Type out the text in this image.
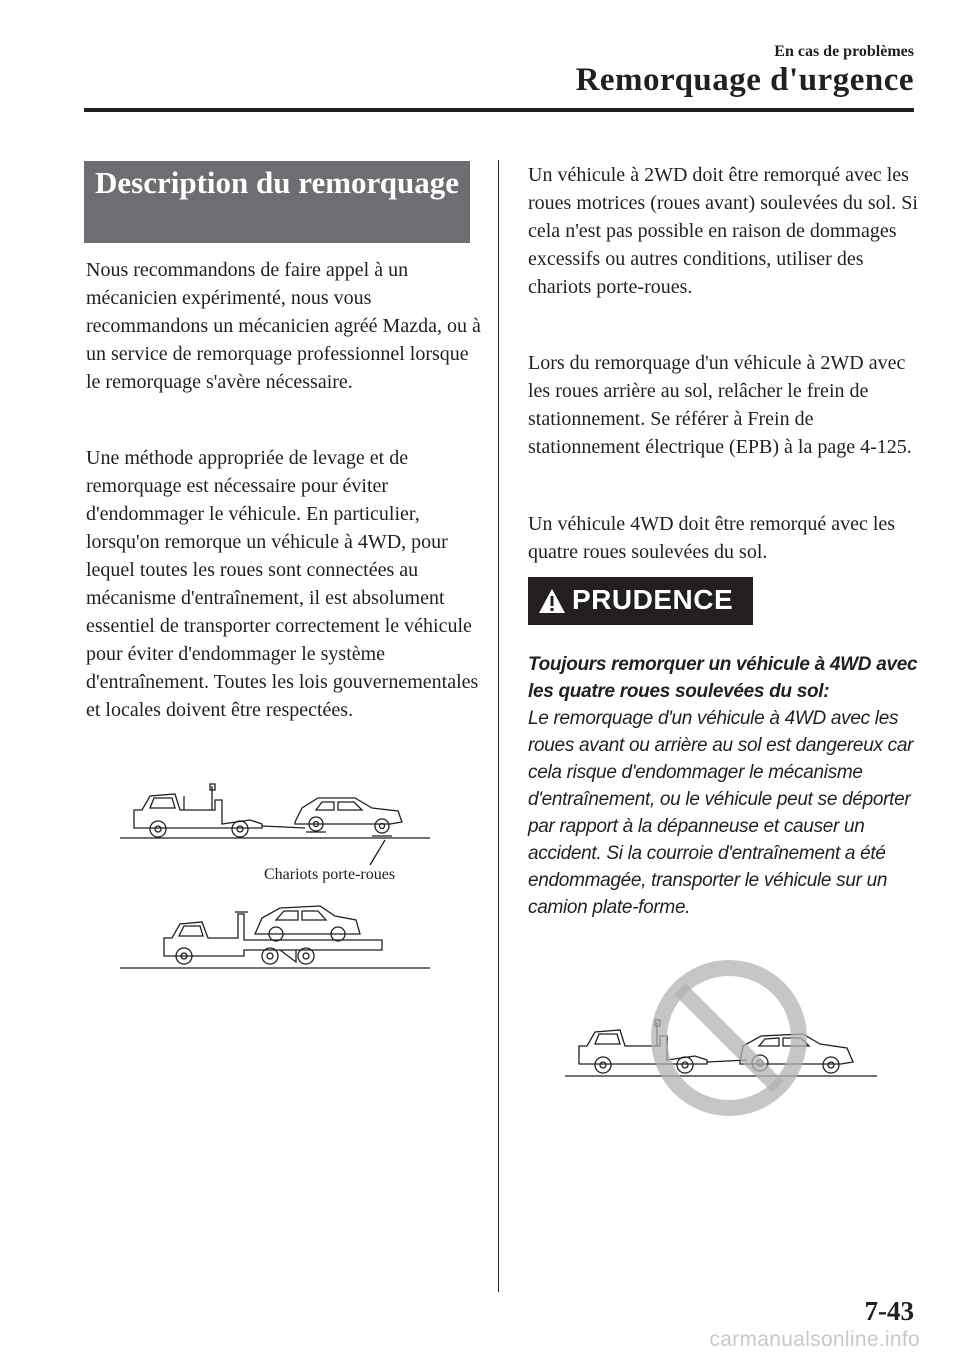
En cas de problèmes
Remorquage d'urgence
Description du remorquage

Nous recommandons de faire appel à un mécanicien expérimenté, nous vous recommandons un mécanicien agréé Mazda, ou à un service de remorquage professionnel lorsque le remorquage s'avère nécessaire.

Une méthode appropriée de levage et de remorquage est nécessaire pour éviter d'endommager le véhicule. En particulier, lorsqu'on remorque un véhicule à 4WD, pour lequel toutes les roues sont connectées au mécanisme d'entraînement, il est absolument essentiel de transporter correctement le véhicule pour éviter d'endommager le système d'entraînement. Toutes les lois gouvernementales et locales doivent être respectées.

Chariots porte-roues

Un véhicule à 2WD doit être remorqué avec les roues motrices (roues avant) soulevées du sol. Si cela n'est pas possible en raison de dommages excessifs ou autres conditions, utiliser des chariots porte-roues.

Lors du remorquage d'un véhicule à 2WD avec les roues arrière au sol, relâcher le frein de stationnement. Se référer à Frein de stationnement électrique (EPB) à la page 4-125.

Un véhicule 4WD doit être remorqué avec les quatre roues soulevées du sol.

PRUDENCE

Toujours remorquer un véhicule à 4WD avec les quatre roues soulevées du sol:

Le remorquage d'un véhicule à 4WD avec les roues avant ou arrière au sol est dangereux car cela risque d'endommager le mécanisme d'entraînement, ou le véhicule peut se déporter par rapport à la dépanneuse et causer un accident. Si la courroie d'entraînement a été endommagée, transporter le véhicule sur un camion plate-forme.

7-43
carmanualsonline.info
